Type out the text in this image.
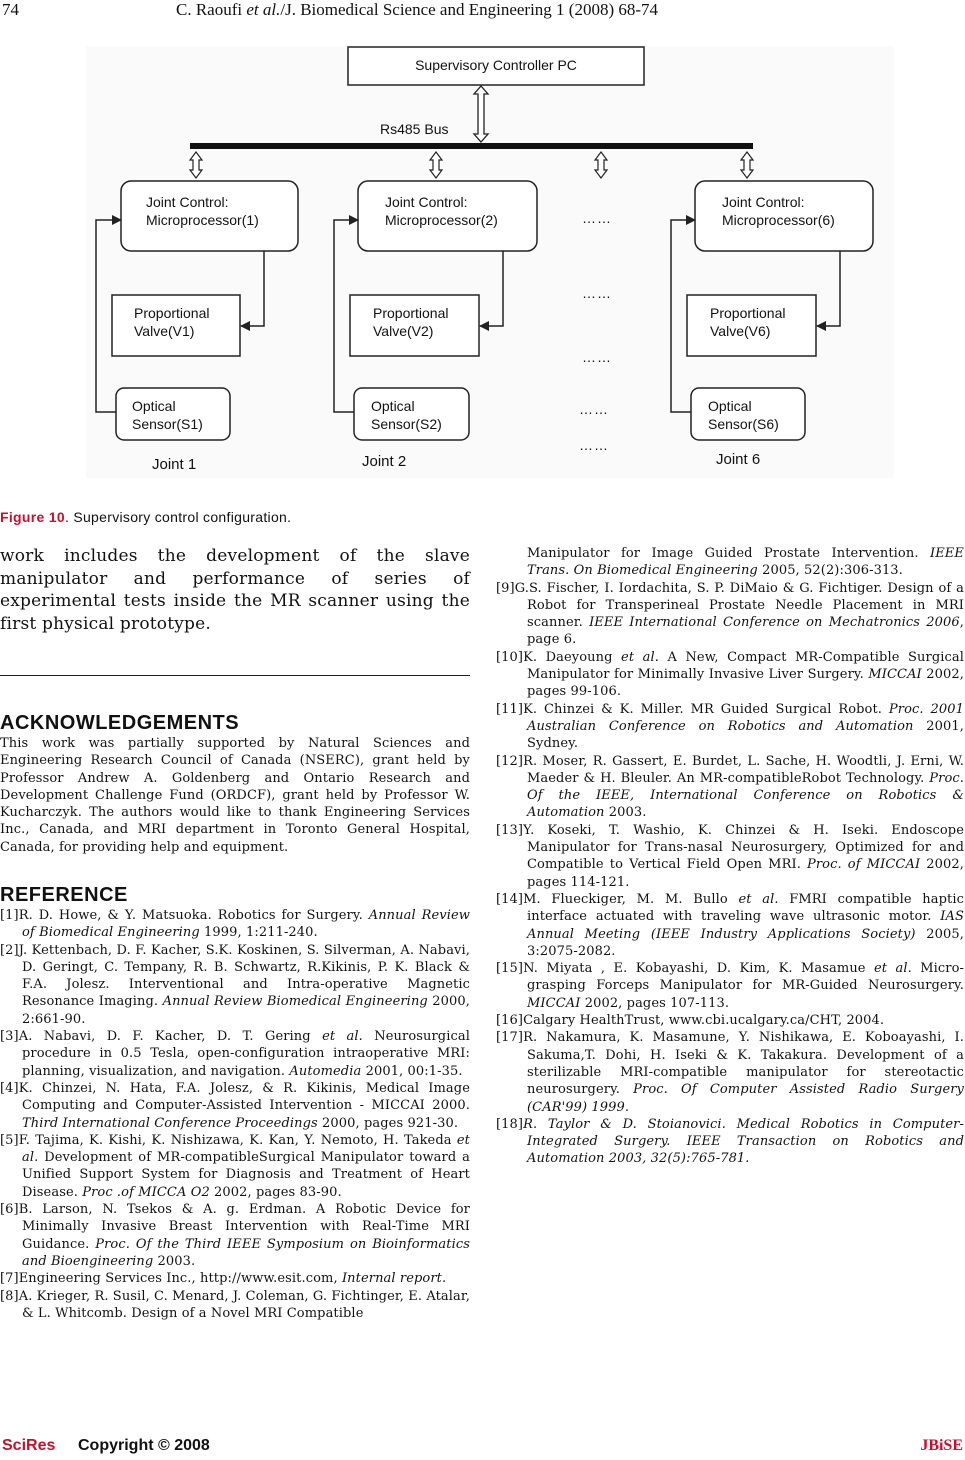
74	C. Raoufi et al./J. Biomedical Science and Engineering 1 (2008) 68-74
Supervisory Controller PC
Rs485 Bus
Joint Control:
Microprocessor(1)
Proportional
Valve(V1)
Optical
Sensor(S1)
Joint 1
Joint Control:
Microprocessor(2)
Proportional
Valve(V2)
Optical
Sensor(S2)
Joint 2
Joint Control:
Microprocessor(6)
Proportional
Valve(V6)
Optical
Sensor(S6)
Joint 6
……
……
……
……
……
Figure 10. Supervisory control configuration.

work includes the development of the slave manipulator and performance of series of experimental tests inside the MR scanner using the first physical prototype.

ACKNOWLEDGEMENTS

This work was partially supported by Natural Sciences and Engineering Research Council of Canada (NSERC), grant held by Professor Andrew A. Goldenberg and Ontario Research and Development Challenge Fund (ORDCF), grant held by Professor W. Kucharczyk. The authors would like to thank Engineering Services Inc., Canada, and MRI department in Toronto General Hospital, Canada, for providing help and equipment.

REFERENCE

[1]R. D. Howe, & Y. Matsuoka. Robotics for Surgery. Annual Review of Biomedical Engineering 1999, 1:211-240.

[2]J. Kettenbach, D. F. Kacher, S.K. Koskinen, S. Silverman, A. Nabavi, D. Geringt, C. Tempany, R. B. Schwartz, R.Kikinis, P. K. Black & F.A. Jolesz. Interventional and Intra-operative Magnetic Resonance Imaging. Annual Review Biomedical Engineering 2000, 2:661-90.

[3]A. Nabavi, D. F. Kacher, D. T. Gering et al. Neurosurgical procedure in 0.5 Tesla, open-configuration intraoperative MRI: planning, visualization, and navigation. Automedia 2001, 00:1-35.

[4]K. Chinzei, N. Hata, F.A. Jolesz, & R. Kikinis, Medical Image Computing and Computer-Assisted Intervention - MICCAI 2000. Third International Conference Proceedings 2000, pages 921-30.

[5]F. Tajima, K. Kishi, K. Nishizawa, K. Kan, Y. Nemoto, H. Takeda et al. Development of MR-compatibleSurgical Manipulator toward a Unified Support System for Diagnosis and Treatment of Heart Disease. Proc .of MICCA O2 2002, pages 83-90.

[6]B. Larson, N. Tsekos & A. g. Erdman. A Robotic Device for Minimally Invasive Breast Intervention with Real-Time MRI Guidance. Proc. Of the Third IEEE Symposium on Bioinformatics and Bioengineering 2003.

[7]Engineering Services Inc., http://www.esit.com, Internal report.

[8]A. Krieger, R. Susil, C. Menard, J. Coleman, G. Fichtinger, E. Atalar, & L. Whitcomb. Design of a Novel MRI Compatible

Manipulator for Image Guided Prostate Intervention. IEEE Trans. On Biomedical Engineering 2005, 52(2):306-313.

[9]G.S. Fischer, I. Iordachita, S. P. DiMaio & G. Fichtiger. Design of a Robot for Transperineal Prostate Needle Placement in MRI scanner. IEEE International Conference on Mechatronics 2006, page 6.

[10]K. Daeyoung et al. A New, Compact MR-Compatible Surgical Manipulator for Minimally Invasive Liver Surgery. MICCAI 2002, pages 99-106.

[11]K. Chinzei & K. Miller. MR Guided Surgical Robot. Proc. 2001 Australian Conference on Robotics and Automation 2001, Sydney.

[12]R. Moser, R. Gassert, E. Burdet, L. Sache, H. Woodtli, J. Erni, W. Maeder & H. Bleuler. An MR-compatibleRobot Technology. Proc. Of the IEEE, International Conference on Robotics & Automation 2003.

[13]Y. Koseki, T. Washio, K. Chinzei & H. Iseki. Endoscope Manipulator for Trans-nasal Neurosurgery, Optimized for and Compatible to Vertical Field Open MRI. Proc. of MICCAI 2002, pages 114-121.

[14]M. Flueckiger, M. M. Bullo et al. FMRI compatible haptic interface actuated with traveling wave ultrasonic motor. IAS Annual Meeting (IEEE Industry Applications Society) 2005, 3:2075-2082.

[15]N. Miyata , E. Kobayashi, D. Kim, K. Masamue et al. Micro-grasping Forceps Manipulator for MR-Guided Neurosurgery. MICCAI 2002, pages 107-113.

[16]Calgary HealthTrust, www.cbi.ucalgary.ca/CHT, 2004.

[17]R. Nakamura, K. Masamune, Y. Nishikawa, E. Koboayashi, I. Sakuma,T. Dohi, H. Iseki & K. Takakura. Development of a sterilizable MRI-compatible manipulator for stereotactic neurosurgery. Proc. Of Computer Assisted Radio Surgery (CAR'99) 1999.

[18]R. Taylor & D. Stoianovici. Medical Robotics in Computer-Integrated Surgery. IEEE Transaction on Robotics and Automation 2003, 32(5):765-781.

SciRes Copyright © 2008	JBiSE
